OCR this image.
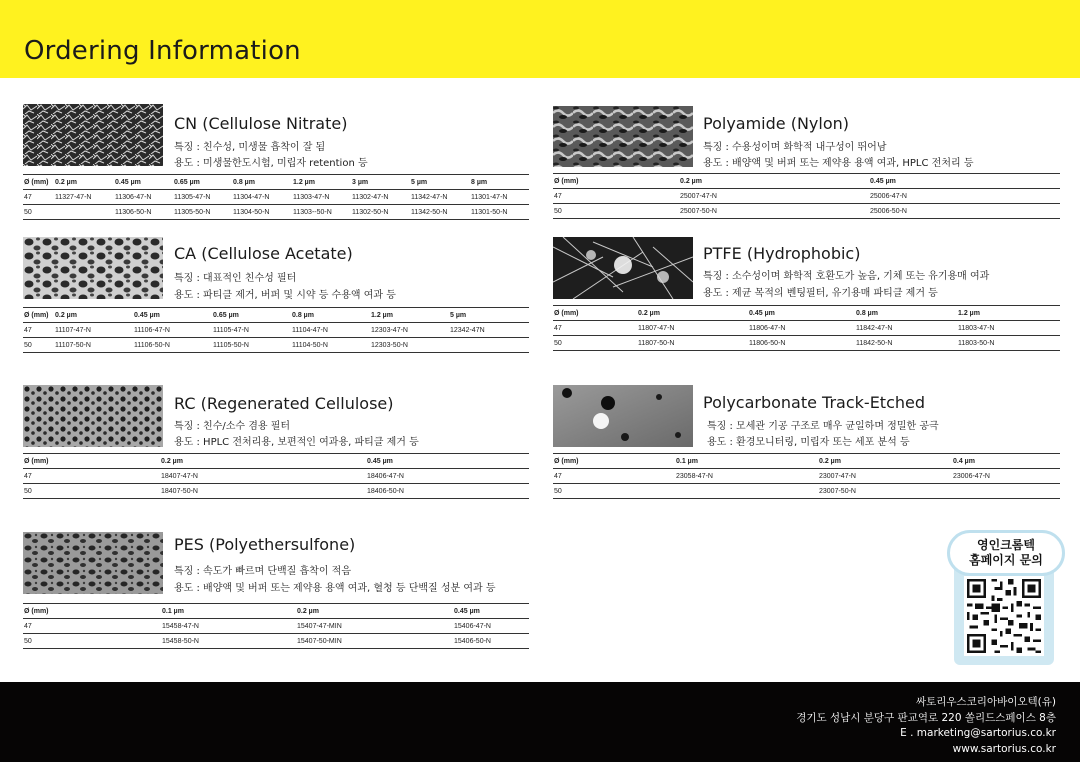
Ordering Information
CN (Cellulose Nitrate)
특징 : 친수성, 미생물 흡착이 잘 됨
용도 : 미생물한도시험, 미립자 retention 등
Ø (mm)	0.2 µm	0.45 µm	0.65 µm	0.8 µm	1.2 µm	3 µm	5 µm	8 µm
47	11327-47-N	11306-47-N	11305-47-N	11304-47-N	11303-47-N	11302-47-N	11342-47-N	11301-47-N
50		11306-50-N	11305-50-N	11304-50-N	11303--50-N	11302-50-N	11342-50-N	11301-50-N
CA (Cellulose Acetate)
특징 : 대표적인 친수성 필터
용도 : 파티클 제거, 버퍼 및 시약 등 수용액 여과 등
Ø (mm)	0.2 µm	0.45 µm	0.65 µm	0.8 µm	1.2 µm	5 µm
47	11107-47-N	11106-47-N	11105-47-N	11104-47-N	12303-47-N	12342-47N
50	11107-50-N	11106-50-N	11105-50-N	11104-50-N	12303-50-N	
RC (Regenerated Cellulose)
특징 : 친수/소수 겸용 필터
용도 : HPLC 전처리용, 보편적인 여과용, 파티클 제거 등
Ø (mm)	0.2 µm	0.45 µm
47	18407-47-N	18406-47-N
50	18407-50-N	18406-50-N
PES (Polyethersulfone)
특징 : 속도가 빠르며 단백질 흡착이 적음
용도 : 배양액 및 버퍼 또는 제약용 용액 여과, 혈청 등 단백질 성분 여과 등
Ø (mm)	0.1 µm	0.2 µm	0.45 µm
47	15458-47-N	15407-47-MIN	15406-47-N
50	15458-50-N	15407-50-MIN	15406-50-N
Polyamide (Nylon)
특징 : 수용성이며 화학적 내구성이 뛰어남
용도 : 배양액 및 버퍼 또는 제약용 용액 여과, HPLC 전처리 등
Ø (mm)	0.2 µm	0.45 µm
47	25007-47-N	25006-47-N
50	25007-50-N	25006-50-N
PTFE (Hydrophobic)
특징 : 소수성이며 화학적 호환도가 높음, 기체 또는 유기용매 여과
용도 : 제균 목적의 벤팅필터, 유기용매 파티클 제거 등
Ø (mm)	0.2 µm	0.45 µm	0.8 µm	1.2 µm
47	11807-47-N	11806-47-N	11842-47-N	11803-47-N
50	11807-50-N	11806-50-N	11842-50-N	11803-50-N
Polycarbonate Track-Etched
특징 : 모세관 기공 구조로 매우 균일하며 정밀한 공극
용도 : 환경모니터링, 미립자 또는 세포 분석 등
Ø (mm)	0.1 µm	0.2 µm	0.4 µm
47	23058-47-N	23007-47-N	23006-47-N
50		23007-50-N	
영인크롬텍
홈페이지 문의
싸토리우스코리아바이오텍(유)
경기도 성남시 분당구 판교역로 220 쏠리드스페이스 8층
E . marketing@sartorius.co.kr
www.sartorius.co.kr
